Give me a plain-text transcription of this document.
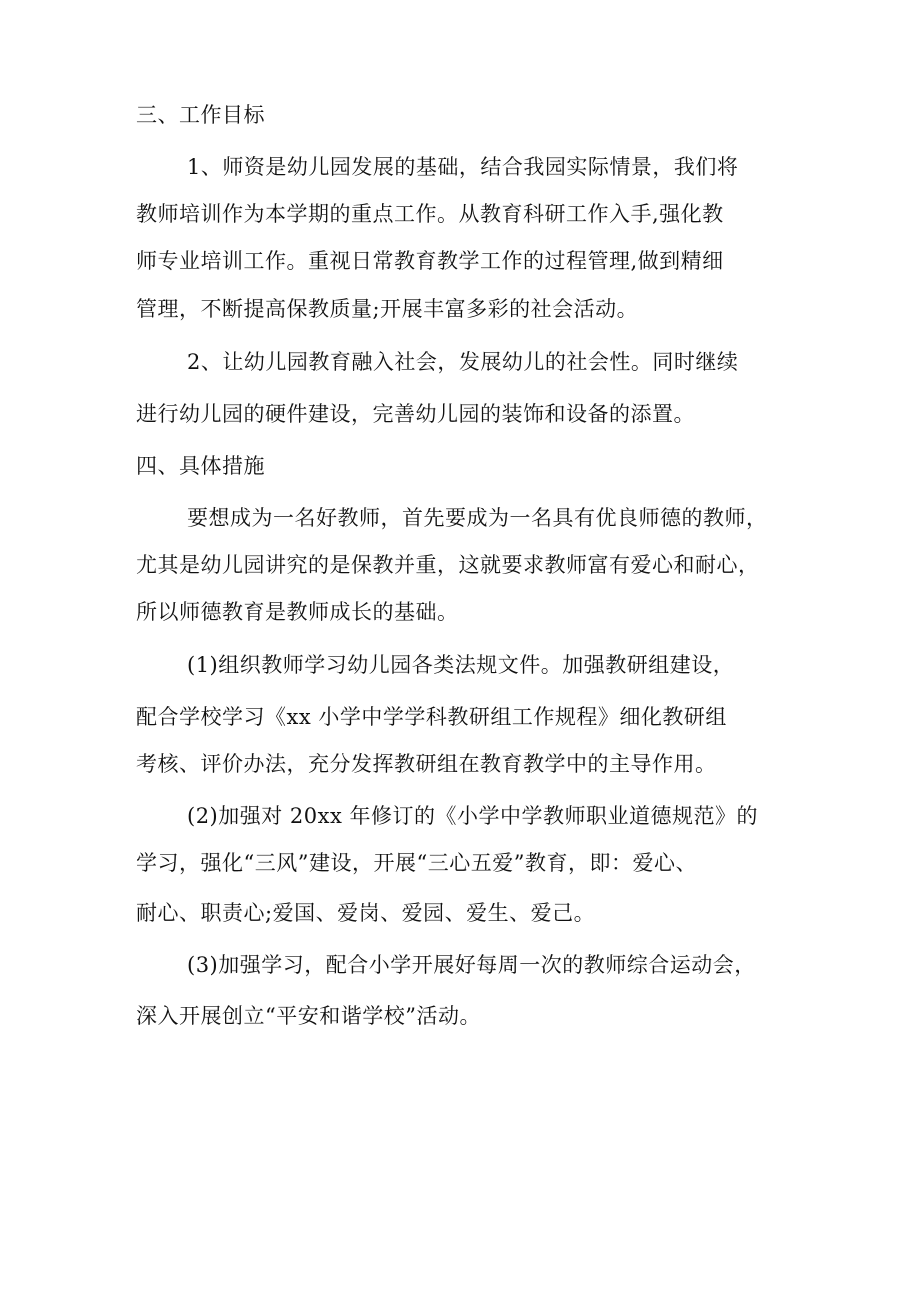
三、工作目标
1、师资是幼儿园发展的基础，结合我园实际情景，我们将
教师培训作为本学期的重点工作。从教育科研工作入手,强化教
师专业培训工作。重视日常教育教学工作的过程管理,做到精细
管理，不断提高保教质量;开展丰富多彩的社会活动。
2、让幼儿园教育融入社会，发展幼儿的社会性。同时继续
进行幼儿园的硬件建设，完善幼儿园的装饰和设备的添置。
四、具体措施
要想成为一名好教师，首先要成为一名具有优良师德的教师，
尤其是幼儿园讲究的是保教并重，这就要求教师富有爱心和耐心，
所以师德教育是教师成长的基础。
(1)组织教师学习幼儿园各类法规文件。加强教研组建设，
配合学校学习《xx 小学中学学科教研组工作规程》细化教研组
考核、评价办法，充分发挥教研组在教育教学中的主导作用。
(2)加强对 20xx 年修订的《小学中学教师职业道德规范》的
学习，强化“三风”建设，开展“三心五爱”教育，即：爱心、
耐心、职责心;爱国、爱岗、爱园、爱生、爱己。
(3)加强学习，配合小学开展好每周一次的教师综合运动会，
深入开展创立“平安和谐学校”活动。
